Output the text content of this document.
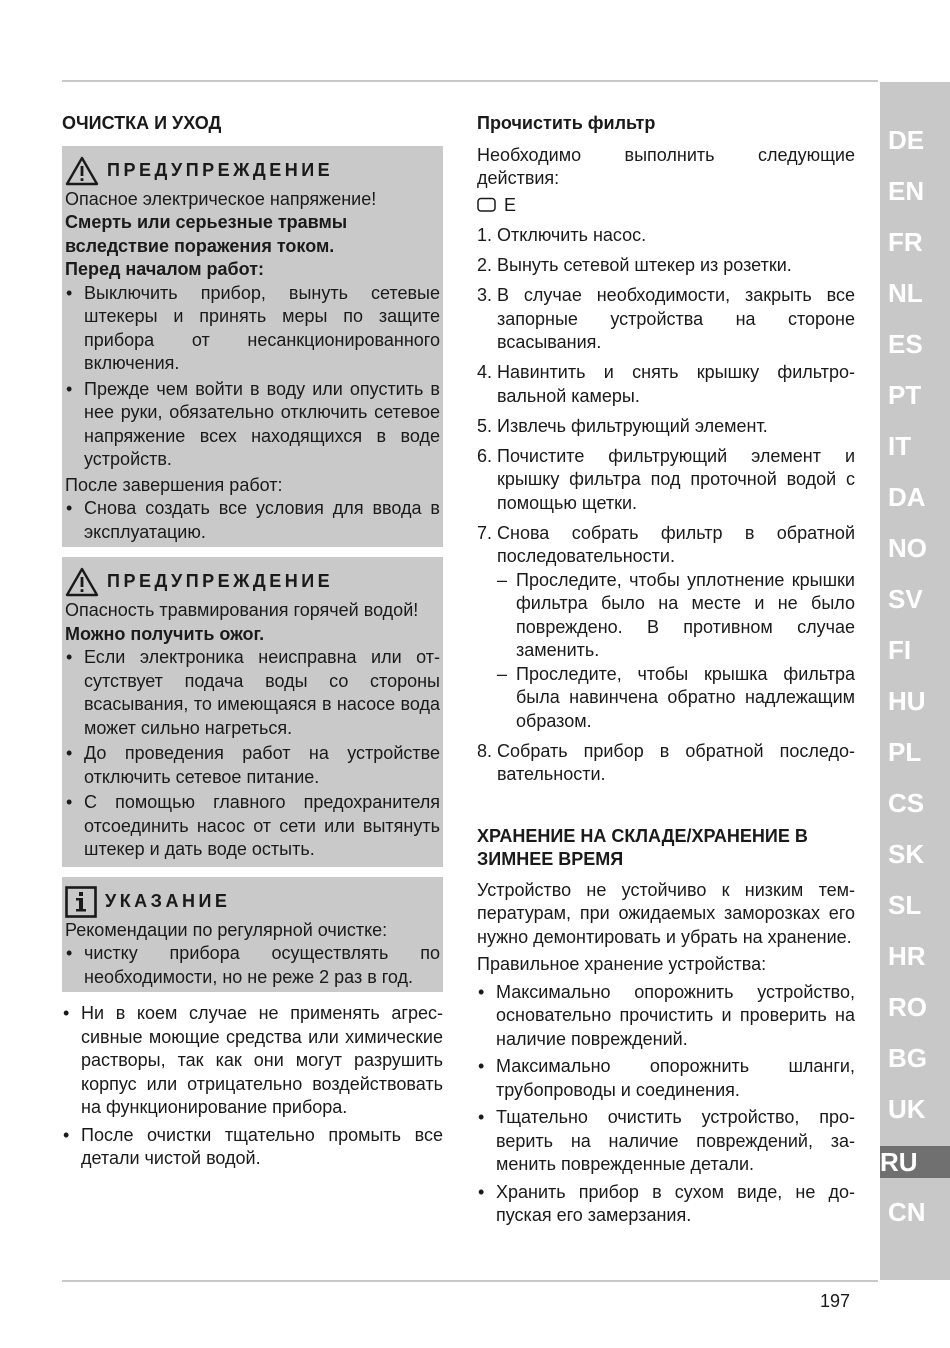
ОЧИСТКА И УХОД
ПРЕДУПРЕЖДЕНИЕ

Опасное электрическое напряжение!

Смерть или серьезные травмы вследствие поражения током.

Перед началом работ:

• Выключить прибор, вынуть сетевые штекеры и принять меры по защите прибора от несанкционированного включения.
• Прежде чем войти в воду или опустить в нее руки, обязательно отключить сетевое напряжение всех находящихся в воде устройств.

После завершения работ:

• Снова создать все условия для ввода в эксплуатацию.
ПРЕДУПРЕЖДЕНИЕ

Опасность травмирования горячей водой!

Можно получить ожог.

• Если электроника неисправна или отсутствует подача воды со стороны всасывания, то имеющаяся в насосе вода может сильно нагреться.
• До проведения работ на устройстве отключить сетевое питание.
• С помощью главного предохранителя отсоединить насос от сети или вытянуть штекер и дать воде остыть.
УКАЗАНИЕ

Рекомендации по регулярной очистке:

• чистку прибора осуществлять по необходимости, но не реже 2 раз в год.
• Ни в коем случае не применять агрессивные моющие средства или химические растворы, так как они могут разрушить корпус или отрицательно воздействовать на функционирование прибора.
• После очистки тщательно промыть все детали чистой водой.
Прочистить фильтр

Необходимо выполнить следующие действия:

E
1. Отключить насос.
2. Вынуть сетевой штекер из розетки.
3. В случае необходимости, закрыть все запорные устройства на стороне всасывания.
4. Навинтить и снять крышку фильтровальной камеры.
5. Извлечь фильтрующий элемент.
6. Почистите фильтрующий элемент и крышку фильтра под проточной водой с помощью щетки.
7. Снова собрать фильтр в обратной последовательности.
– Проследите, чтобы уплотнение крышки фильтра было на месте и не было повреждено. В противном случае заменить.
– Проследите, чтобы крышка фильтра была навинчена обратно надлежащим образом.
8. Собрать прибор в обратной последовательности.
ХРАНЕНИЕ НА СКЛАДЕ/ХРАНЕНИЕ В ЗИМНЕЕ ВРЕМЯ

Устройство не устойчиво к низким температурам, при ожидаемых заморозках его нужно демонтировать и убрать на хранение.

Правильное хранение устройства:

• Максимально опорожнить устройство, основательно прочистить и проверить на наличие повреждений.
• Максимально опорожнить шланги, трубопроводы и соединения.
• Тщательно очистить устройство, проверить на наличие повреждений, заменить поврежденные детали.
• Хранить прибор в сухом виде, не допуская его замерзания.
DE
EN
FR
NL
ES
PT
IT
DA
NO
SV
FI
HU
PL
CS
SK
SL
HR
RO
BG
UK
RU
CN
197
